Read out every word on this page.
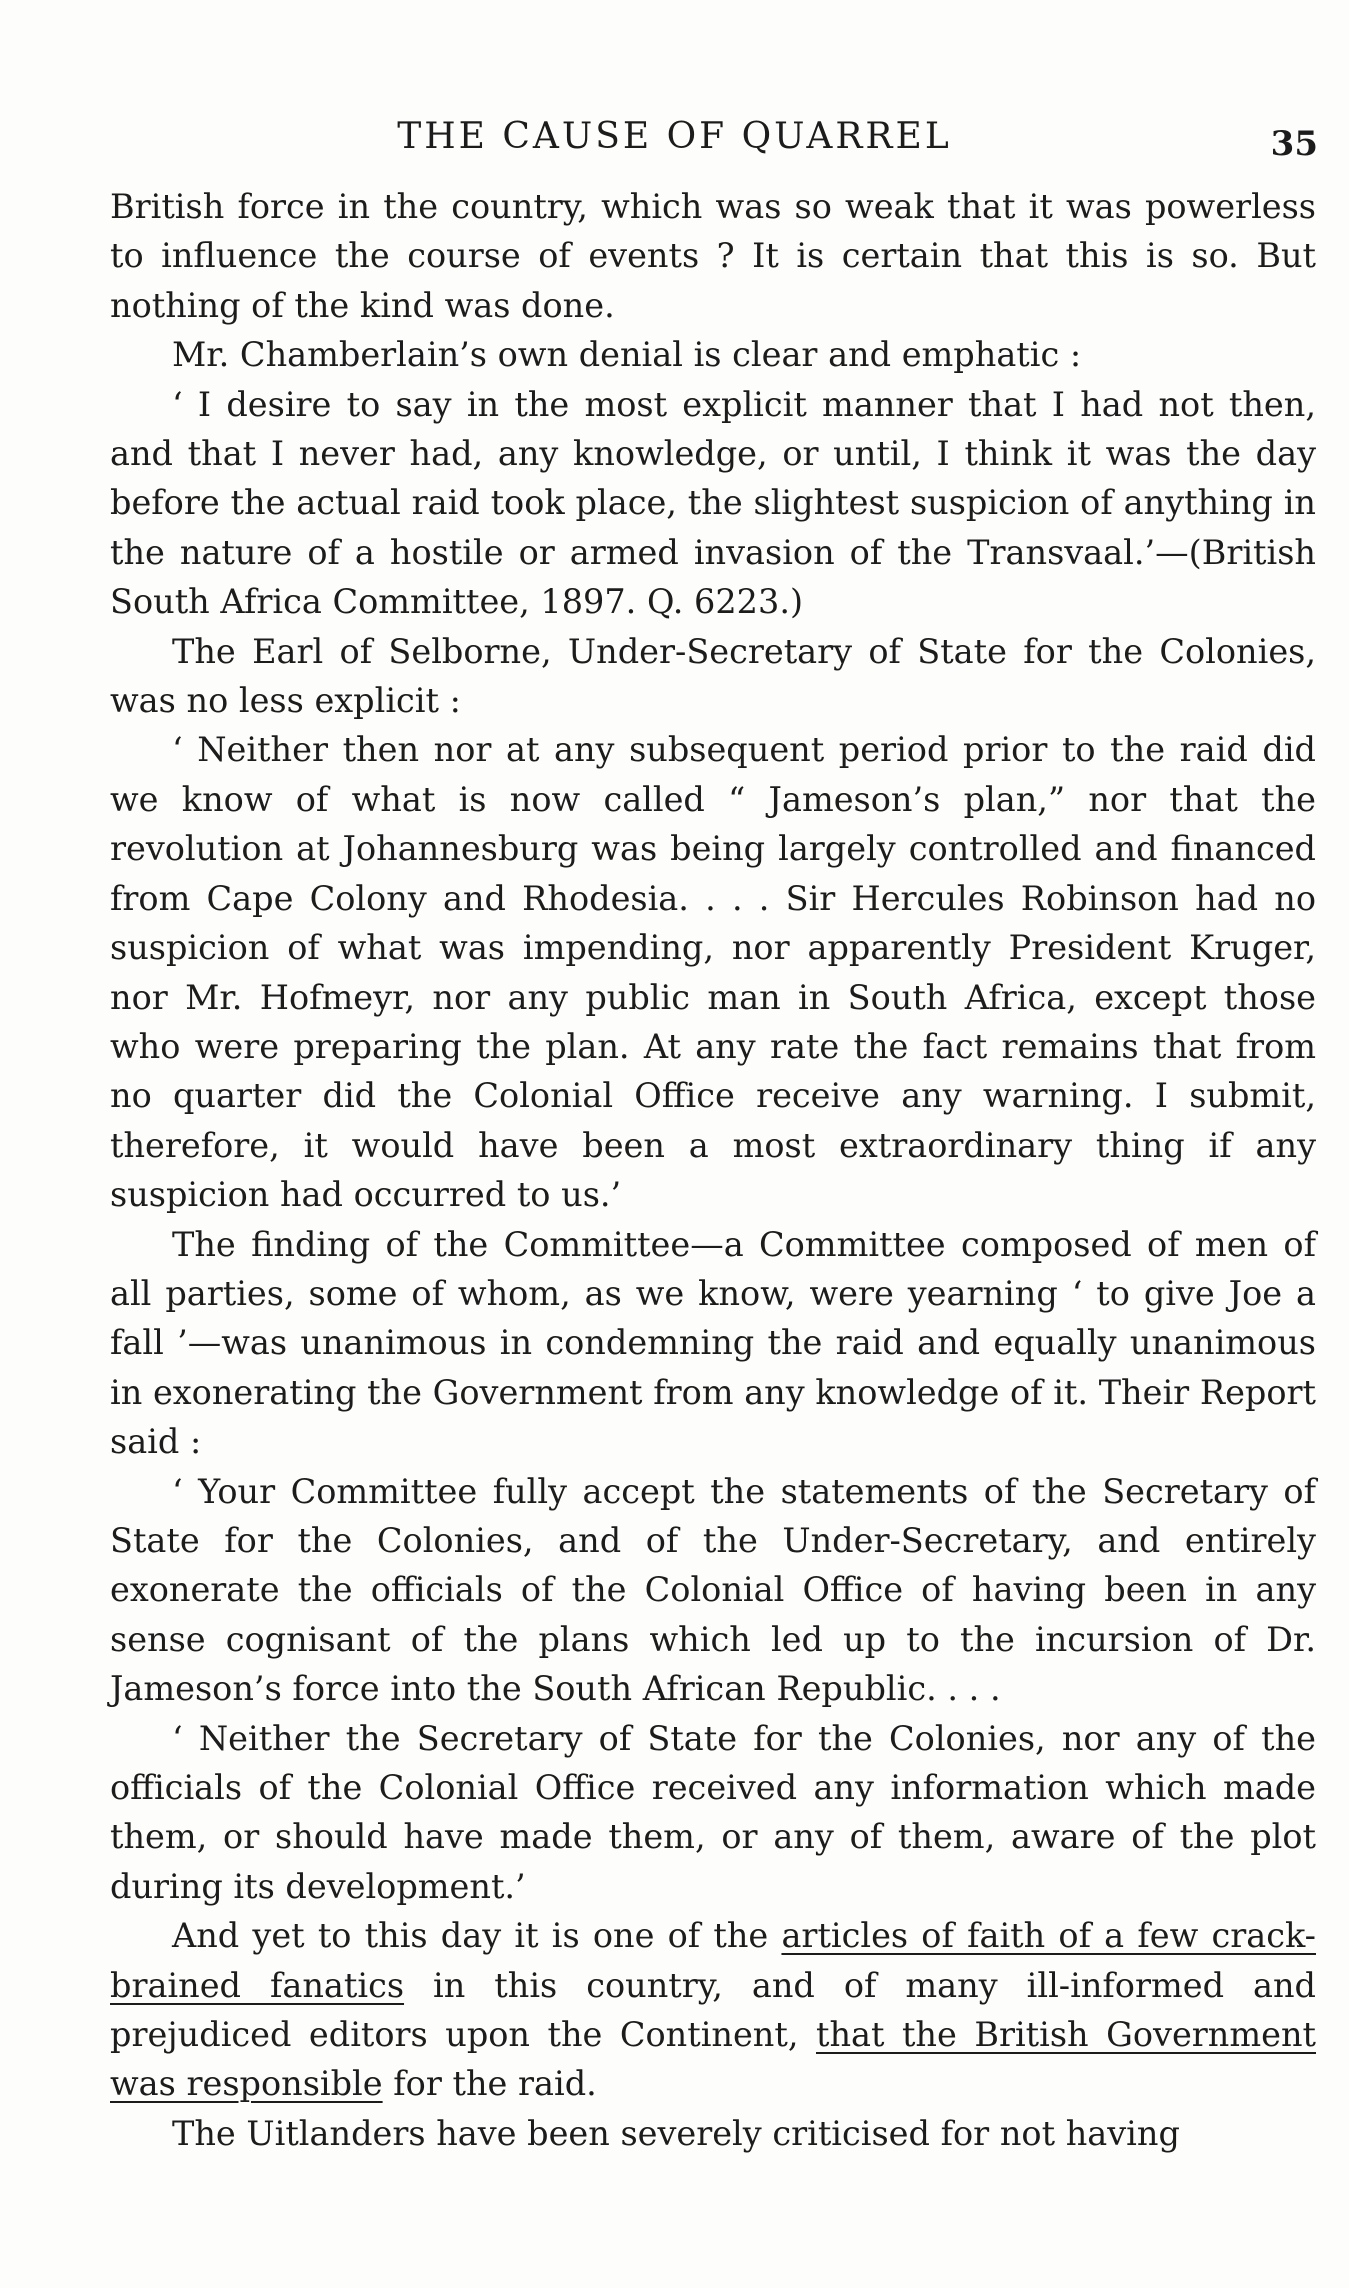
THE CAUSE OF QUARREL	35

British force in the country, which was so weak that it was powerless to influence the course of events ? It is certain that this is so. But nothing of the kind was done.

Mr. Chamberlain’s own denial is clear and emphatic :

‘ I desire to say in the most explicit manner that I had not then, and that I never had, any knowledge, or until, I think it was the day before the actual raid took place, the slightest suspicion of anything in the nature of a hostile or armed invasion of the Transvaal.’—(British South Africa Committee, 1897. Q. 6223.)

The Earl of Selborne, Under-Secretary of State for the Colonies, was no less explicit :

‘ Neither then nor at any subsequent period prior to the raid did we know of what is now called “ Jameson’s plan,” nor that the revolution at Johannesburg was being largely controlled and financed from Cape Colony and Rhodesia. . . . Sir Hercules Robinson had no suspicion of what was impending, nor apparently President Kruger, nor Mr. Hofmeyr, nor any public man in South Africa, except those who were preparing the plan. At any rate the fact remains that from no quarter did the Colonial Office receive any warning. I submit, therefore, it would have been a most extraordinary thing if any suspicion had occurred to us.’

The finding of the Committee—a Committee composed of men of all parties, some of whom, as we know, were yearning ‘ to give Joe a fall ’—was unanimous in condemning the raid and equally unanimous in exonerating the Government from any knowledge of it. Their Report said :

‘ Your Committee fully accept the statements of the Secretary of State for the Colonies, and of the Under-Secretary, and entirely exonerate the officials of the Colonial Office of having been in any sense cognisant of the plans which led up to the incursion of Dr. Jameson’s force into the South African Republic. . . .

‘ Neither the Secretary of State for the Colonies, nor any of the officials of the Colonial Office received any information which made them, or should have made them, or any of them, aware of the plot during its development.’

And yet to this day it is one of the articles of faith of a few crack-brained fanatics in this country, and of many ill-informed and prejudiced editors upon the Continent, that the British Government was responsible for the raid.

The Uitlanders have been severely criticised for not having
